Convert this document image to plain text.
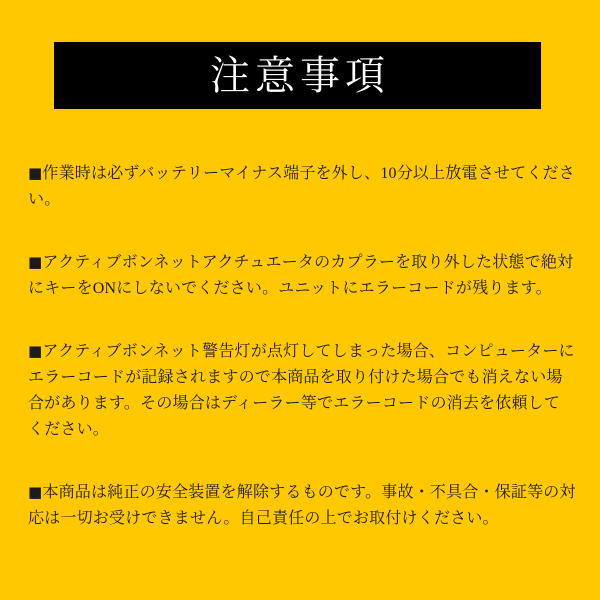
注意事項

■作業時は必ずバッテリーマイナス端子を外し、10分以上放電させてください。

■アクティブボンネットアクチュエータのカプラーを取り外した状態で絶対にキーをONにしないでください。ユニットにエラーコードが残ります。

■アクティブボンネット警告灯が点灯してしまった場合、コンピューターにエラーコードが記録されますので本商品を取り付けた場合でも消えない場合があります。その場合はディーラー等でエラーコードの消去を依頼してください。

■本商品は純正の安全装置を解除するものです。事故・不具合・保証等の対応は一切お受けできません。自己責任の上でお取付けください。
